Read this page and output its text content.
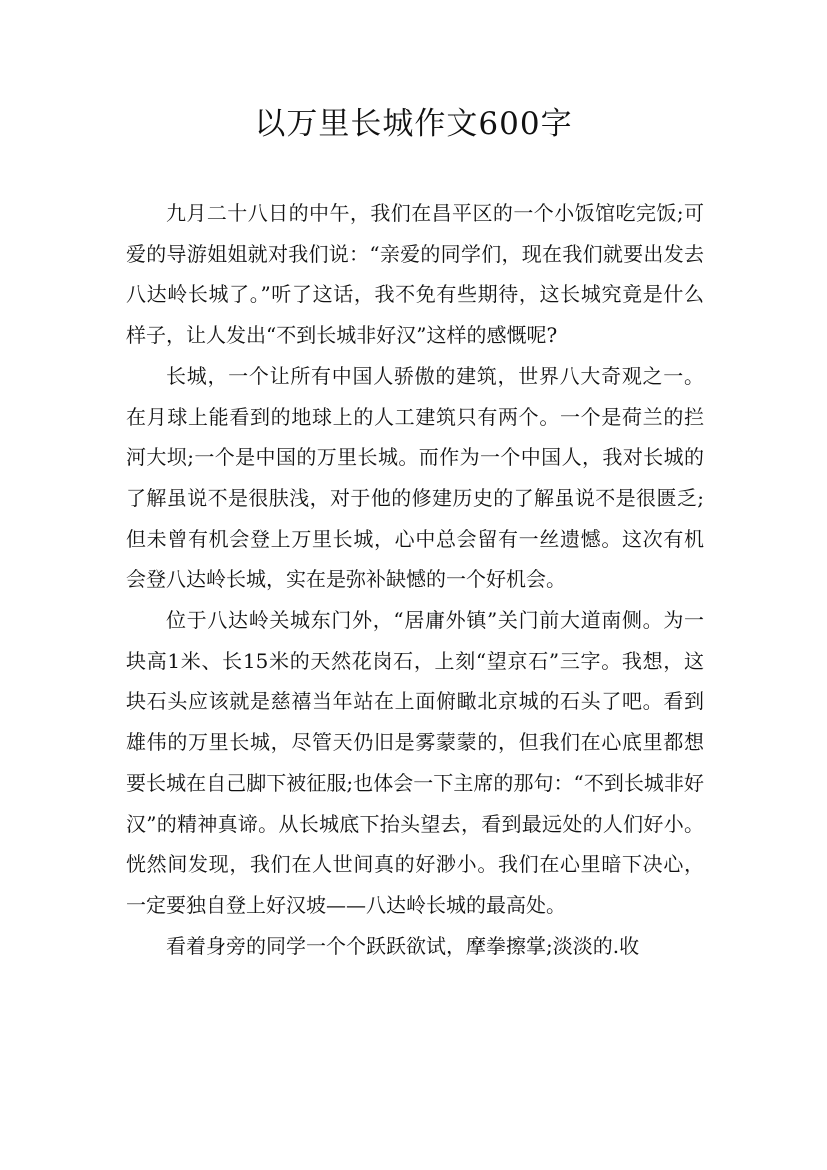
以万里长城作文600字

九月二十八日的中午，我们在昌平区的一个小饭馆吃完饭;可爱的导游姐姐就对我们说：“亲爱的同学们，现在我们就要出发去八达岭长城了。”听了这话，我不免有些期待，这长城究竟是什么样子，让人发出“不到长城非好汉”这样的感慨呢?

长城，一个让所有中国人骄傲的建筑，世界八大奇观之一。在月球上能看到的地球上的人工建筑只有两个。一个是荷兰的拦河大坝;一个是中国的万里长城。而作为一个中国人，我对长城的了解虽说不是很肤浅，对于他的修建历史的了解虽说不是很匮乏;但未曾有机会登上万里长城，心中总会留有一丝遗憾。这次有机会登八达岭长城，实在是弥补缺憾的一个好机会。

位于八达岭关城东门外，“居庸外镇”关门前大道南侧。为一块高1米、长15米的天然花岗石，上刻“望京石”三字。我想，这块石头应该就是慈禧当年站在上面俯瞰北京城的石头了吧。看到雄伟的万里长城，尽管天仍旧是雾蒙蒙的，但我们在心底里都想要长城在自己脚下被征服;也体会一下主席的那句：“不到长城非好汉”的精神真谛。从长城底下抬头望去，看到最远处的人们好小。恍然间发现，我们在人世间真的好渺小。我们在心里暗下决心，一定要独自登上好汉坡——八达岭长城的最高处。

看着身旁的同学一个个跃跃欲试，摩拳擦掌;淡淡的.收
